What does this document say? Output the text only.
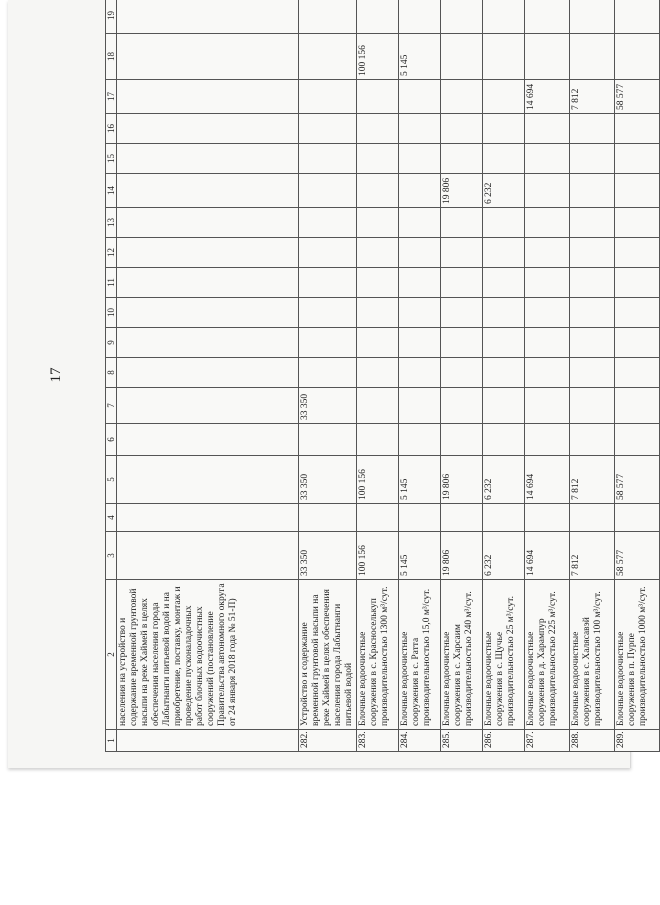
17
1	2	3	4	5	6	7	8	9	10	11	12	13	14	15	16	17	18	19
	населения на устройство и содержание временной грунтовой насыпи на реке Хаймей в целях обеспечения населения города Лабытнанги питьевой водой и на приобретение, поставку, монтаж и проведение пусконаладочных работ блочных водоочистных сооружений (постановление Правительства автономного округа от 24 января 2018 года № 51-П)																	
282.	Устройство и содержание временной грунтовой насыпи на реке Хаймей в целях обеспечения населения города Лабытнанги питьевой водой	33 350		33 350		33 350												
283.	Блочные водоочистные сооружения в с. Красноселькуп производительностью 1300 м³/сут.	100 156		100 156													100 156	
284.	Блочные водоочистные сооружения в с. Ратта производительностью 15,0 м³/сут.	5 145		5 145													5 145	
285.	Блочные водоочистные сооружения в с. Харсаим производительностью 240 м³/сут.	19 806		19 806									19 806					
286.	Блочные водоочистные сооружения в с. Щучье производительностью 25 м³/сут.	6 232		6 232									6 232					
287.	Блочные водоочистные сооружения в д. Харампур производительностью 225 м³/сут.	14 694		14 694												14 694		
288.	Блочные водоочистные сооружения в с. Халясавэй производительностью 100 м³/сут.	7 812		7 812												7 812		
289.	Блочные водоочистные сооружения в п. Пурпе производительностью 1000 м³/сут.	58 577		58 577												58 577		
